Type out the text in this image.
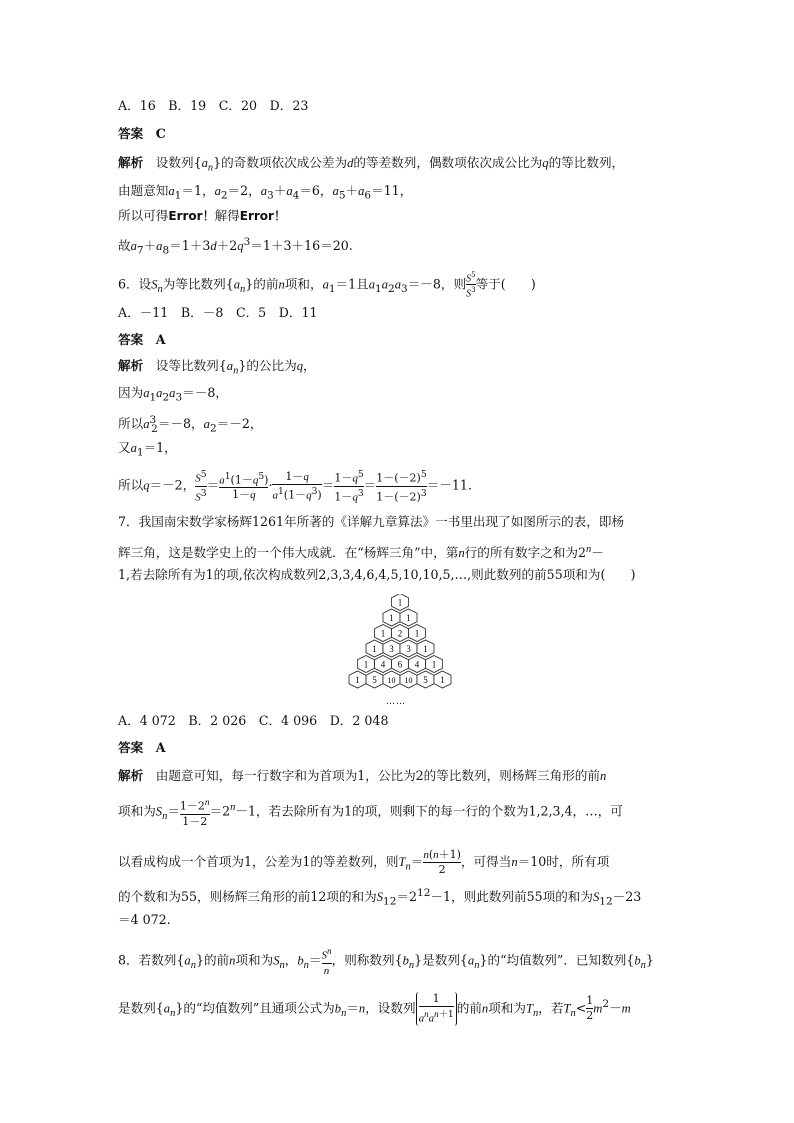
A．16　B．19　C．20　D．23
答案　C
解析　设数列$\{a_n\}$的奇数项依次成公差为d的等差数列，偶数项依次成公比为q的等比数列，
由题意知$a_1=1$，$a_2=2$，$a_3+a_4=6$，$a_5+a_6=11$，
所以可得Error！解得Error！
故$a_7+a_8=1+3d+2q^3=1+3+16=20$.
6．设$S_n$为等比数列$\{a_n\}$的前n项和，$a_1=1$且$a_1a_2a_3=-8$，则$S^5$

$S^3$ 等于(　　)
A．－11　B．－8　C．5　D．11
答案　A
解析　设等比数列$\{a_n\}$的公比为q，
因为$a_1a_2a_3=-8$，
所以$a^3_2=-8$，$a_2=-2$，
又$a_1=1$，
所以q＝－2，$S^5$

$S^3$
$=a^1(1-q^5)$

1－q
·1－q

$a^1(1-q^3)$
$=1-q^5$

$1-q^3$
$=1-(-2)^5$

$1-(-2)^3$
＝－11.
7．我国南宋数学家杨辉1261年所著的《详解九章算法》一书里出现了如图所示的表，即杨
辉三角，这是数学史上的一个伟大成就．在“杨辉三角”中，第n行的所有数字之和为$2^n-$
1,若去除所有为1的项,依次构成数列2,3,3,4,6,4,5,10,10,5,…,则此数列的前55项和为(　　)
1
1 1
1 2 1
1 3 3 1
1 4 6 4 1
1 5 10 10 5 1
……
A．4 072　B．2 026　C．4 096　D．2 048
答案　A
解析　由题意可知，每一行数字和为首项为1，公比为2的等比数列，则杨辉三角形的前n
项和为$S_n=1-2^n$

1－2
$=2^n-1$，若去除所有为1的项，则剩下的每一行的个数为1,2,3,4，…，可
以看成构成一个首项为1，公差为1的等差数列，则$T_n=n(n+1)$

2
，可得当n＝10时，所有项
的个数和为55，则杨辉三角形的前12项的和为$S_{12}=2^{12}-1$，则此数列前55项的和为$S_{12}-23$
＝4 072.
8．若数列$\{a_n\}$的前n项和为$S_n$，$b_n=S^n$

n
，则称数列$\{b_n\}$是数列$\{a_n\}$的“均值数列”．已知数列$\{b_n\}$
是数列$\{a_n\}$的“均值数列”且通项公式为$b_n=n$，设数列1

$a^na^{n+1}$ 的前n项和为$T_n$，若$T_n<1$

2
$m^2-m$
